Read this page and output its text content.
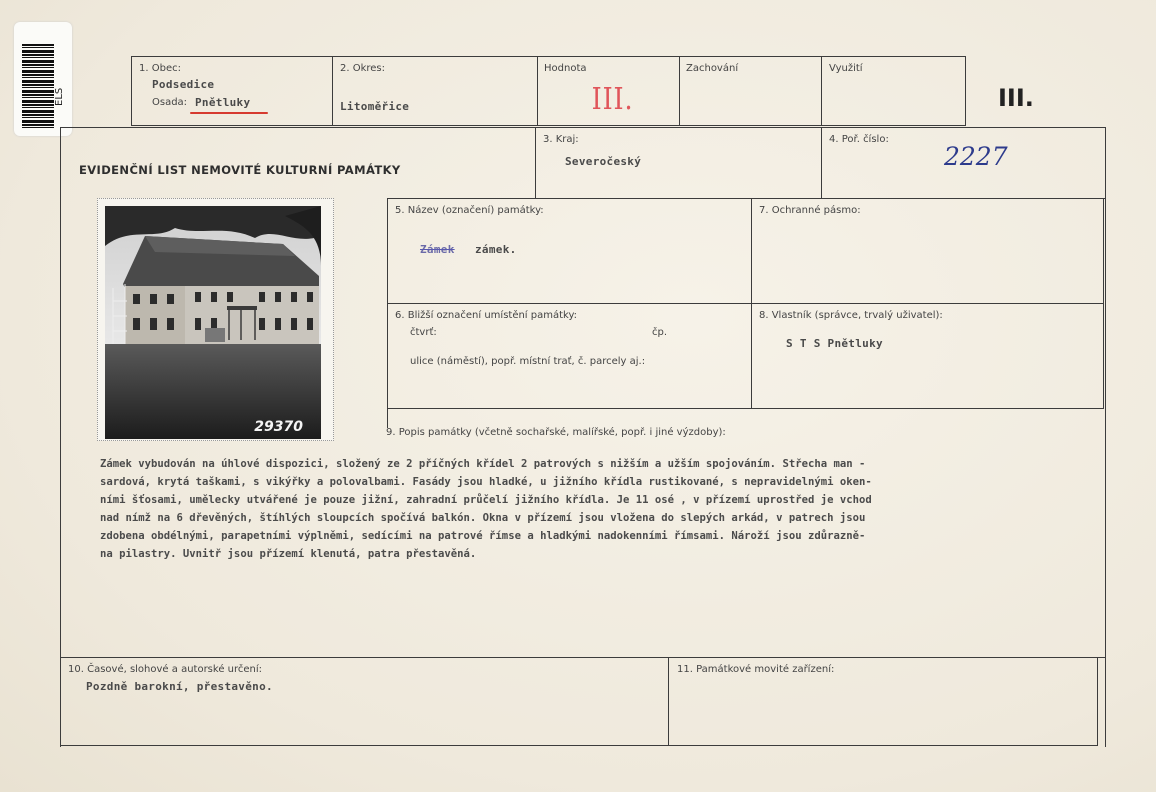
ELS
1. Obec:
Podsedice
Osada: Pnětluky
2. Okres:
Litoměřice
Hodnota
III.
Zachování	Využití
III.
EVIDENČNÍ LIST NEMOVITÉ KULTURNÍ PAMÁTKY
3. Kraj:
Severočeský
4. Poř. číslo:
2227
29370
5. Název (označení) památky:
Zámek zámek.
7. Ochranné pásmo:
6. Bližší označení umístění památky:
čtvrť:	čp.
ulice (náměstí), popř. místní trať, č. parcely aj.:
8. Vlastník (správce, trvalý uživatel):
S T S Pnětluky
9. Popis památky (včetně sochařské, malířské, popř. i jiné výzdoby):
Zámek vybudován na úhlové dispozici, složený ze 2 příčných křídel 2 patrových s nižším a užším spojováním. Střecha man -
sardová, krytá taškami, s vikýřky a polovalbami. Fasády jsou hladké, u jižního křídla rustikované, s nepravidelnými oken-
ními šťosami, umělecky utvářené je pouze jižní, zahradní průčelí jižního křídla. Je 11 osé , v přízemí uprostřed je vchod
nad nímž na 6 dřevěných, štíhlých sloupcích spočívá balkón. Okna v přízemí jsou vložena do slepých arkád, v patrech jsou
zdobena obdélnými, parapetními výplněmi, sedícími na patrové římse a hladkými nadokenními římsami. Nároží jsou zdůrazně-
na pilastry. Uvnitř jsou přízemí klenutá, patra přestavěná.
10. Časové, slohové a autorské určení:
Pozdně barokní, přestavěno.
11. Památkové movité zařízení:
